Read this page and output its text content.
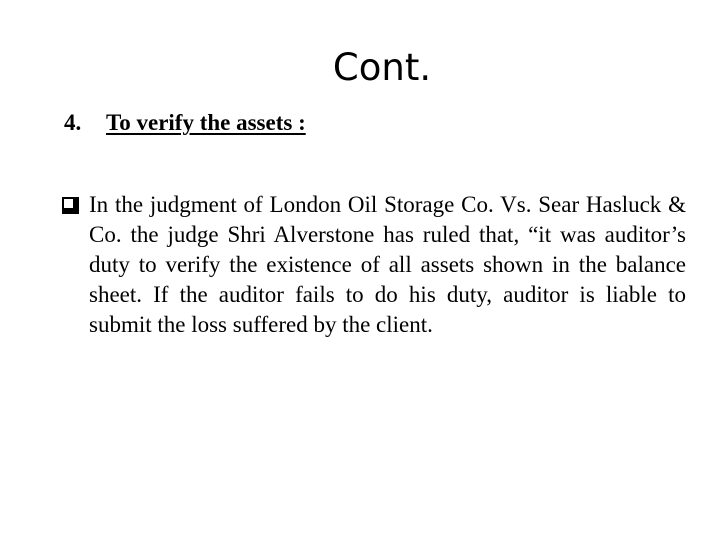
Cont.
4. To verify the assets :

In the judgment of London Oil Storage Co. Vs. Sear Hasluck & Co. the judge Shri Alverstone has ruled that, “it was auditor’s duty to verify the existence of all assets shown in the balance sheet. If the auditor fails to do his duty, auditor is liable to submit the loss suffered by the client.
